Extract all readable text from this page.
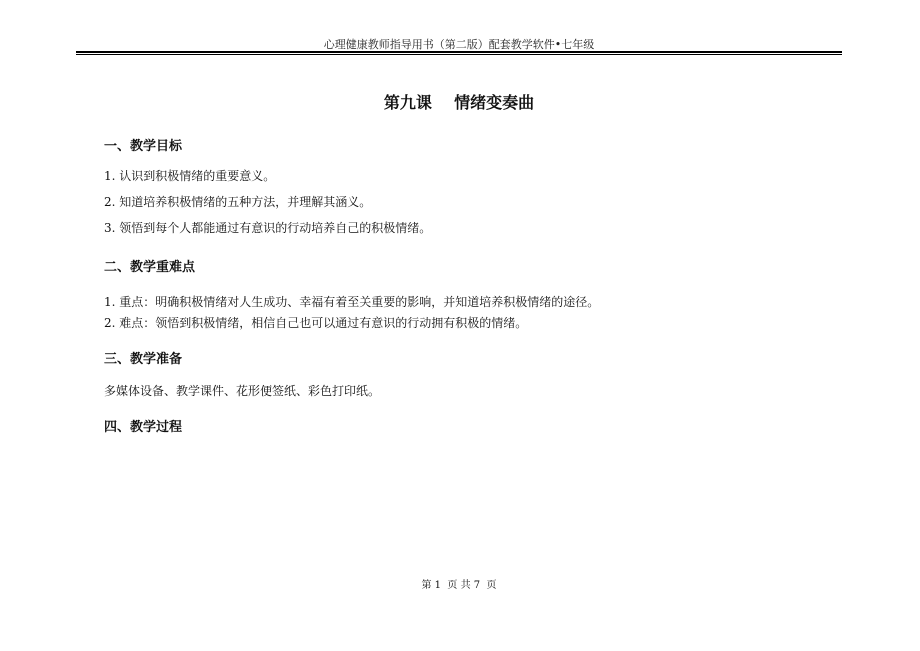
心理健康教师指导用书（第二版）配套教学软件•七年级
第九课    情绪变奏曲
一、教学目标
1. 认识到积极情绪的重要意义。
2. 知道培养积极情绪的五种方法，并理解其涵义。
3. 领悟到每个人都能通过有意识的行动培养自己的积极情绪。
二、教学重难点
1. 重点：明确积极情绪对人生成功、幸福有着至关重要的影响，并知道培养积极情绪的途径。
2. 难点：领悟到积极情绪，相信自己也可以通过有意识的行动拥有积极的情绪。
三、教学准备
多媒体设备、教学课件、花形便签纸、彩色打印纸。
四、教学过程
第 1  页 共 7  页
